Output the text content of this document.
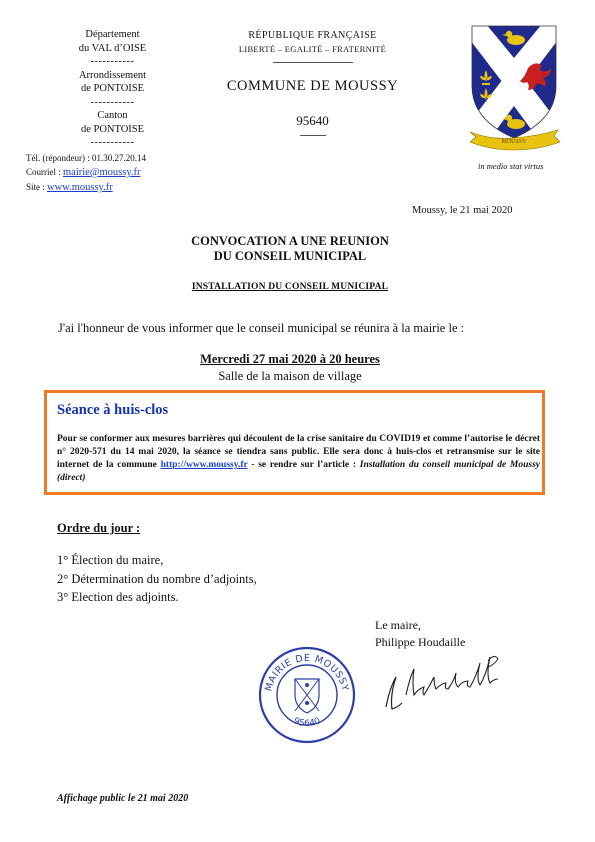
Département
du VAL d’OISE
-----------
Arrondissement
de PONTOISE
-----------
Canton
de PONTOISE
-----------
Tél. (répondeur) : 01.30.27.20.14
Courriel : mairie@moussy.fr
Site : www.moussy.fr
RÉPUBLIQUE FRANÇAISE
LIBERTÉ – EGALITÉ – FRATERNITÉ
COMMUNE DE MOUSSY
95640
MOUSSY
in medio stat virtus
Moussy, le 21 mai 2020
CONVOCATION A UNE REUNION
DU CONSEIL MUNICIPAL
INSTALLATION DU CONSEIL MUNICIPAL
J'ai l'honneur de vous informer que le conseil municipal se réunira à la mairie le :
Mercredi 27 mai 2020 à 20 heures
Salle de la maison de village
Séance à huis-clos
Pour se conformer aux mesures barrières qui découlent de la crise sanitaire du COVID19 et comme l’autorise le décret n° 2020-571 du 14 mai 2020, la séance se tiendra sans public. Elle sera donc à huis-clos et retransmise sur le site internet de la commune http://www.moussy.fr - se rendre sur l’article : Installation du conseil municipal de Moussy (direct)
Ordre du jour :
1° Élection du maire,
2° Détermination du nombre d’adjoints,
3° Election des adjoints.
Le maire,
Philippe Houdaille
MAIRIE DE MOUSSY
95640
Affichage public le 21 mai 2020
